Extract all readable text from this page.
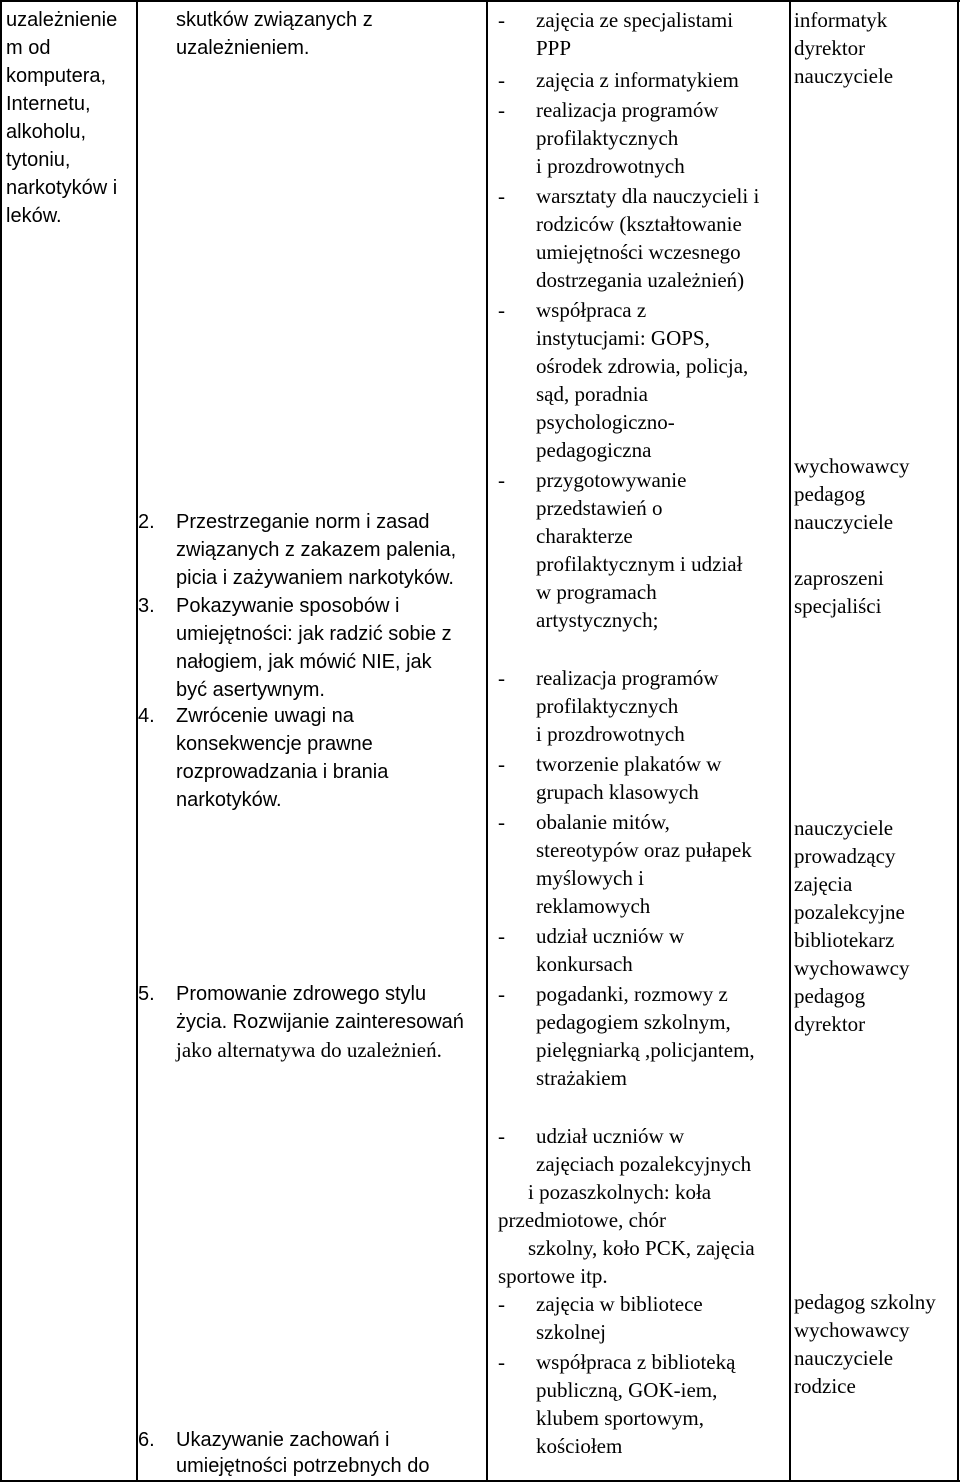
uzależnienie
m od
komputera,
Internetu,
alkoholu,
tytoniu,
narkotyków i
leków.
skutków związanych z
uzależnieniem.
2. Przestrzeganie norm i zasad
związanych z zakazem palenia,
picia i zażywaniem narkotyków.
3. Pokazywanie sposobów i
umiejętności: jak radzić sobie z
nałogiem, jak mówić NIE, jak
być asertywnym.
4. Zwrócenie uwagi na
konsekwencje prawne
rozprowadzania i brania
narkotyków.
5. Promowanie zdrowego stylu
życia. Rozwijanie zainteresowań
jako alternatywa do uzależnień.
6. Ukazywanie zachowań i
umiejętności potrzebnych do
- zajęcia ze specjalistami
PPP
- zajęcia z informatykiem
- realizacja programów
profilaktycznych
i prozdrowotnych
- warsztaty dla nauczycieli i
rodziców (kształtowanie
umiejętności wczesnego
dostrzegania uzależnień)
- współpraca z
instytucjami: GOPS,
ośrodek zdrowia, policja,
sąd, poradnia
psychologiczno-
pedagogiczna
- przygotowywanie
przedstawień o
charakterze
profilaktycznym i udział
w programach
artystycznych;
- realizacja programów
profilaktycznych
i prozdrowotnych
- tworzenie plakatów w
grupach klasowych
- obalanie mitów,
stereotypów oraz pułapek
myślowych i
reklamowych
- udział uczniów w
konkursach
- pogadanki, rozmowy z
pedagogiem szkolnym,
pielęgniarką ,policjantem,
strażakiem
- udział uczniów w
zajęciach pozalekcyjnych
i pozaszkolnych: koła
przedmiotowe, chór
szkolny, koło PCK, zajęcia
sportowe itp.
- zajęcia w bibliotece
szkolnej
- współpraca z biblioteką
publiczną, GOK-iem,
klubem sportowym,
kościołem
informatyk
dyrektor
nauczyciele
wychowawcy
pedagog
nauczyciele
zaproszeni
specjaliści
nauczyciele
prowadzący
zajęcia
pozalekcyjne
bibliotekarz
wychowawcy
pedagog
dyrektor
pedagog szkolny
wychowawcy
nauczyciele
rodzice
